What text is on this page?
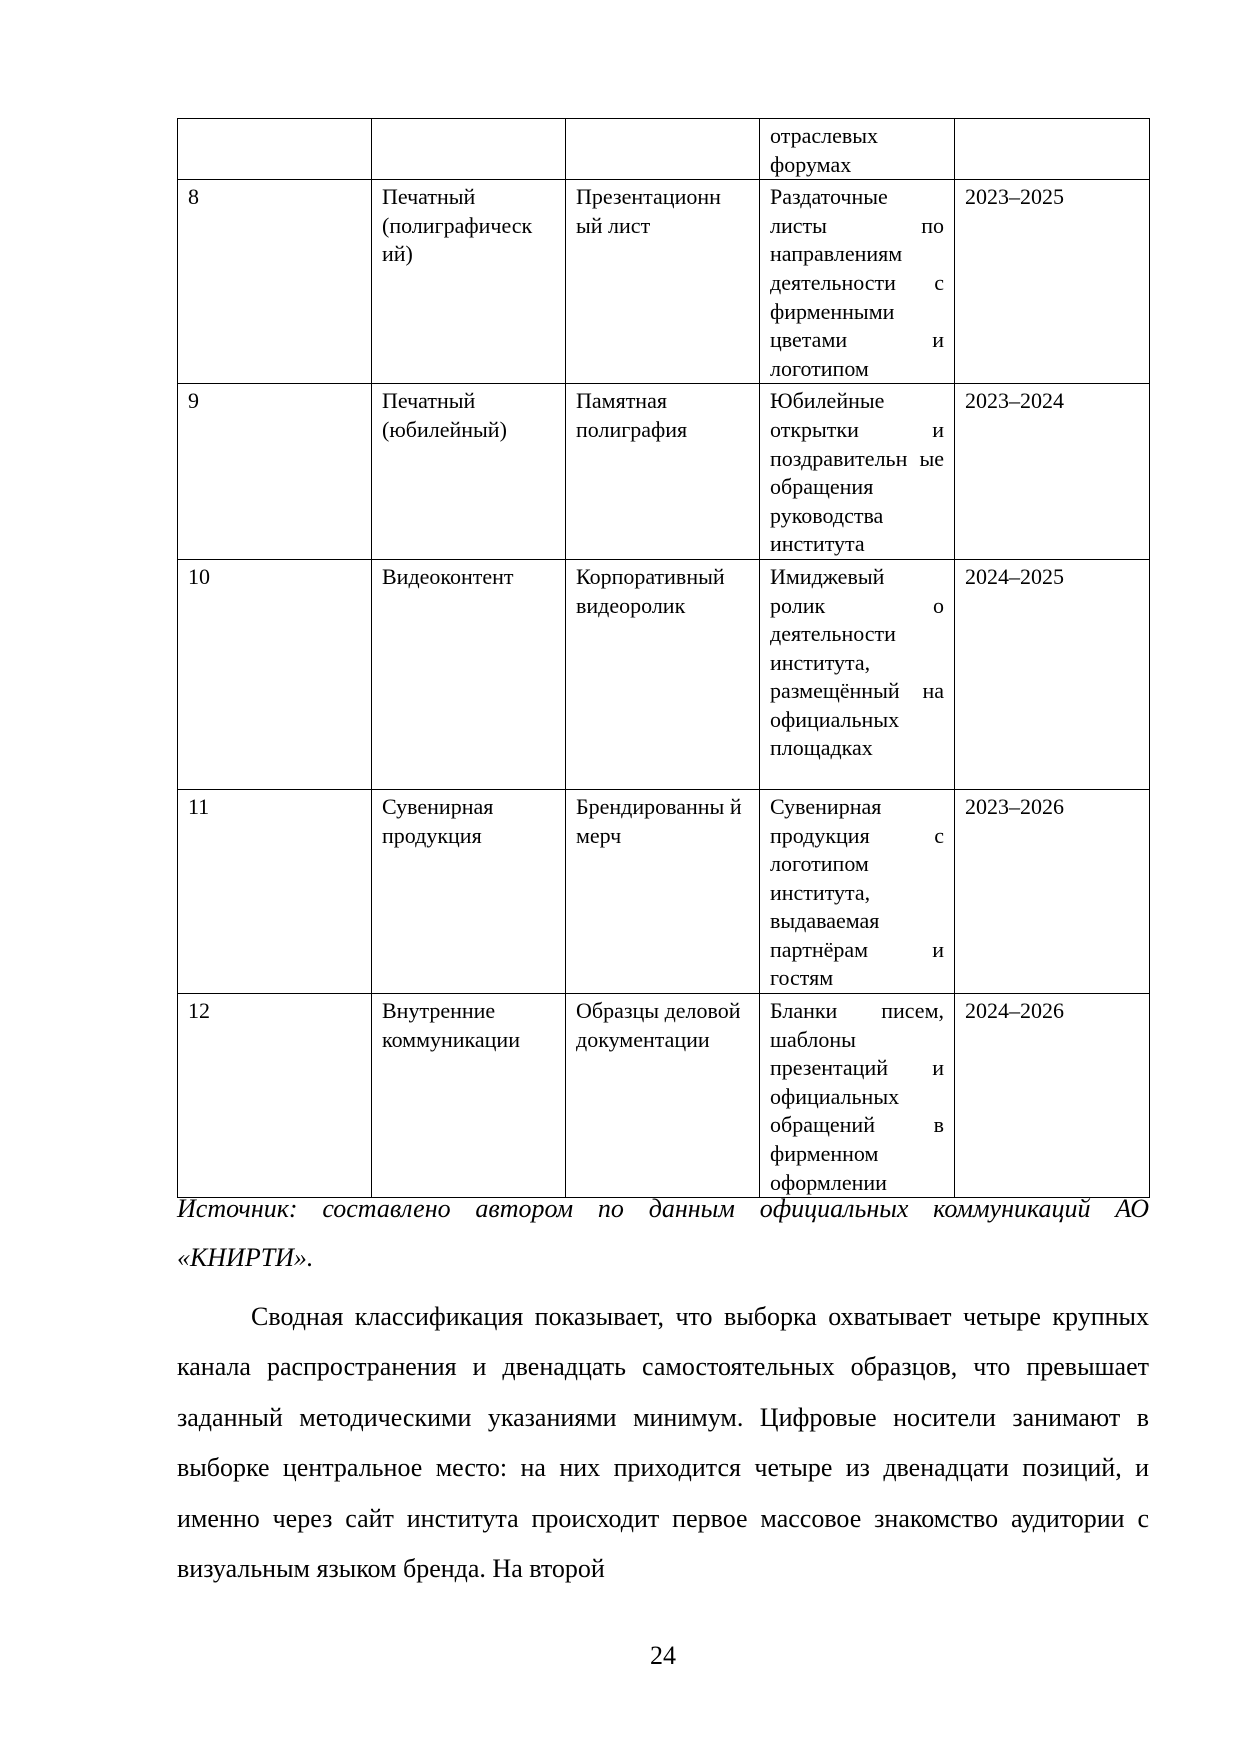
			отраслевых форумах	

8	Печатный (полиграфическ ий)	Презентационн ый лист	Раздаточные листы по направлениям деятельности с фирменными цветами и логотипом	2023–2025

9	Печатный (юбилейный)	Памятная полиграфия	Юбилейные открытки и поздравительн ые обращения руководства института	2023–2024

10	Видеоконтент	Корпоративный видеоролик	Имиджевый ролик о деятельности института, размещённый на официальных площадках	2024–2025

11	Сувенирная продукция	Брендированны й мерч	Сувенирная продукция с логотипом института, выдаваемая партнёрам и гостям	2023–2026

12	Внутренние коммуникации	Образцы деловой документации	Бланки писем, шаблоны презентаций и официальных обращений в фирменном оформлении	2024–2026

Источник: составлено автором по данным официальных коммуникаций АО «КНИРТИ».

Сводная классификация показывает, что выборка охватывает четыре крупных канала распространения и двенадцать самостоятельных образцов, что превышает заданный методическими указаниями минимум. Цифровые носители занимают в выборке центральное место: на них приходится четыре из двенадцати позиций, и именно через сайт института происходит первое массовое знакомство аудитории с визуальным языком бренда. На второй

24
